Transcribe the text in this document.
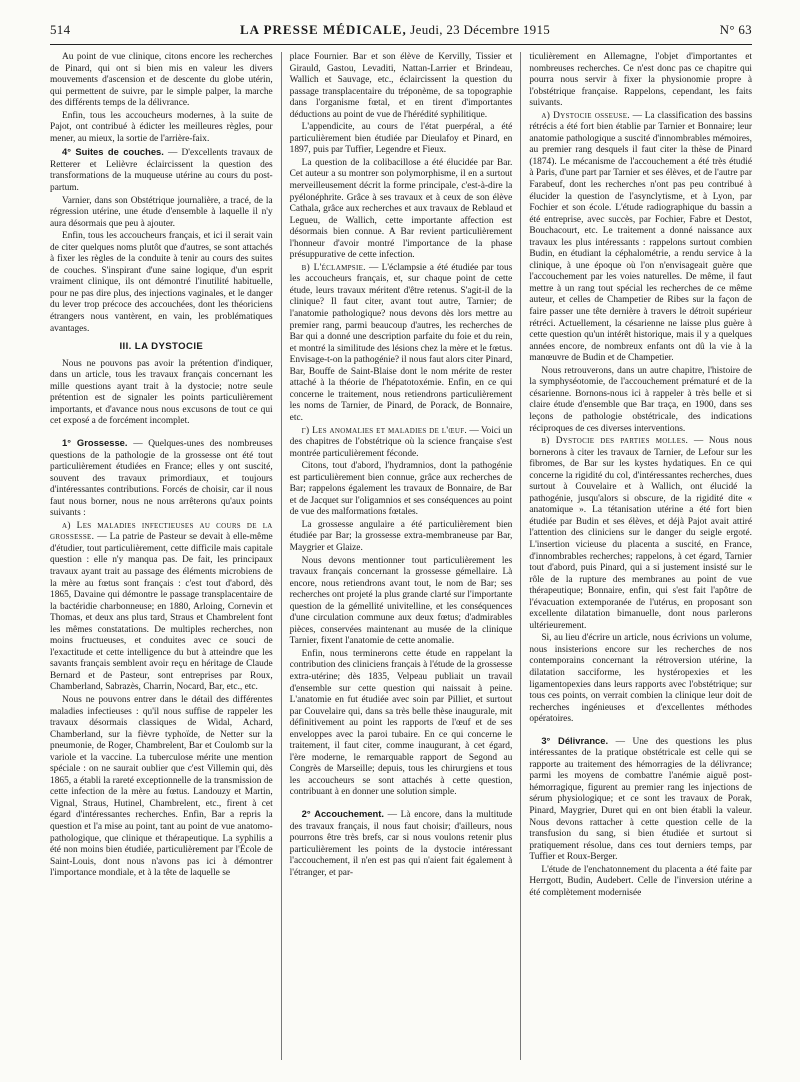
514	LA PRESSE MÉDICALE, Jeudi, 23 Décembre 1915	N° 63

Au point de vue clinique, citons encore les recherches de Pinard, qui ont si bien mis en valeur les divers mouvements d'ascension et de descente du globe utérin, qui permettent de suivre, par le simple palper, la marche des différents temps de la délivrance.

Enfin, tous les accoucheurs modernes, à la suite de Pajot, ont contribué à édicter les meilleures règles, pour mener, au mieux, la sortie de l'arrière-faix.

4° Suites de couches. — D'excellents travaux de Retterer et Lelièvre éclaircissent la question des transformations de la muqueuse utérine au cours du post-partum.

Varnier, dans son Obstétrique journalière, a tracé, de la régression utérine, une étude d'ensemble à laquelle il n'y aura désormais que peu à ajouter.

Enfin, tous les accoucheurs français, et ici il serait vain de citer quelques noms plutôt que d'autres, se sont attachés à fixer les règles de la conduite à tenir au cours des suites de couches. S'inspirant d'une saine logique, d'un esprit vraiment clinique, ils ont démontré l'inutilité habituelle, pour ne pas dire plus, des injections vaginales, et le danger du lever trop précoce des accouchées, dont les théoriciens étrangers nous vantèrent, en vain, les problématiques avantages.

III. LA DYSTOCIE

Nous ne pouvons pas avoir la prétention d'indiquer, dans un article, tous les travaux français concernant les mille questions ayant trait à la dystocie; notre seule prétention est de signaler les points particulièrement importants, et d'avance nous nous excusons de tout ce qui cet exposé a de forcément incomplet.

1° Grossesse. — Quelques-unes des nombreuses questions de la pathologie de la grossesse ont été tout particulièrement étudiées en France; elles y ont suscité, souvent des travaux primordiaux, et toujours d'intéressantes contributions. Forcés de choisir, car il nous faut nous borner, nous ne nous arrêterons qu'aux points suivants :

α) Les maladies infectieuses au cours de la grossesse. — La patrie de Pasteur se devait à elle-même d'étudier, tout particulièrement, cette difficile mais capitale question : elle n'y manqua pas. De fait, les principaux travaux ayant trait au passage des éléments microbiens de la mère au fœtus sont français : c'est tout d'abord, dès 1865, Davaine qui démontre le passage transplacentaire de la bactéridie charbonneuse; en 1880, Arloing, Cornevin et Thomas, et deux ans plus tard, Straus et Chambrelent font les mêmes constatations. De multiples recherches, non moins fructueuses, et conduites avec ce souci de l'exactitude et cette intelligence du but à atteindre que les savants français semblent avoir reçu en héritage de Claude Bernard et de Pasteur, sont entreprises par Roux, Chamberland, Sabrazès, Charrin, Nocard, Bar, etc., etc.

Nous ne pouvons entrer dans le détail des différentes maladies infectieuses : qu'il nous suffise de rappeler les travaux désormais classiques de Widal, Achard, Chamberland, sur la fièvre typhoïde, de Netter sur la pneumonie, de Roger, Chambrelent, Bar et Coulomb sur la variole et la vaccine. La tuberculose mérite une mention spéciale : on ne saurait oublier que c'est Villemin qui, dès 1865, a établi la rareté exceptionnelle de la transmission de cette infection de la mère au fœtus. Landouzy et Martin, Vignal, Straus, Hutinel, Chambrelent, etc., firent à cet égard d'intéressantes recherches. Enfin, Bar a repris la question et l'a mise au point, tant au point de vue anatomo-pathologique, que clinique et thérapeutique. La syphilis a été non moins bien étudiée, particulièrement par l'École de Saint-Louis, dont nous n'avons pas ici à démontrer l'importance mondiale, et à la tête de laquelle se

place Fournier. Bar et son élève de Kervilly, Tissier et Girauld, Gastou, Levaditi, Nattan-Larrier et Brindeau, Wallich et Sauvage, etc., éclaircissent la question du passage transplacentaire du tréponème, de sa topographie dans l'organisme fœtal, et en tirent d'importantes déductions au point de vue de l'hérédité syphilitique.

L'appendicite, au cours de l'état puerpéral, a été particulièrement bien étudiée par Dieulafoy et Pinard, en 1897, puis par Tuffier, Legendre et Fieux.

La question de la colibacillose a été élucidée par Bar. Cet auteur a su montrer son polymorphisme, il en a surtout merveilleusement décrit la forme principale, c'est-à-dire la pyélonéphrite. Grâce à ses travaux et à ceux de son élève Cathala, grâce aux recherches et aux travaux de Reblaud et Legueu, de Wallich, cette importante affection est désormais bien connue. A Bar revient particulièrement l'honneur d'avoir montré l'importance de la phase présuppurative de cette infection.

β) L'éclampsie. — L'éclampsie a été étudiée par tous les accoucheurs français, et, sur chaque point de cette étude, leurs travaux méritent d'être retenus. S'agit-il de la clinique? Il faut citer, avant tout autre, Tarnier; de l'anatomie pathologique? nous devons dès lors mettre au premier rang, parmi beaucoup d'autres, les recherches de Bar qui a donné une description parfaite du foie et du rein, et montré la similitude des lésions chez la mère et le fœtus. Envisage-t-on la pathogénie? il nous faut alors citer Pinard, Bar, Bouffe de Saint-Blaise dont le nom mérite de rester attaché à la théorie de l'hépatotoxémie. Enfin, en ce qui concerne le traitement, nous retiendrons particulièrement les noms de Tarnier, de Pinard, de Porack, de Bonnaire, etc.

γ) Les anomalies et maladies de l'œuf. — Voici un des chapitres de l'obstétrique où la science française s'est montrée particulièrement féconde.

Citons, tout d'abord, l'hydramnios, dont la pathogénie est particulièrement bien connue, grâce aux recherches de Bar; rappelons également les travaux de Bonnaire, de Bar et de Jacquet sur l'oligamnios et ses conséquences au point de vue des malformations fœtales.

La grossesse angulaire a été particulièrement bien étudiée par Bar; la grossesse extra-membraneuse par Bar, Maygrier et Glaize.

Nous devons mentionner tout particulièrement les travaux français concernant la grossesse gémellaire. Là encore, nous retiendrons avant tout, le nom de Bar; ses recherches ont projeté la plus grande clarté sur l'importante question de la gémellité univitelline, et les conséquences d'une circulation commune aux deux fœtus; d'admirables pièces, conservées maintenant au musée de la clinique Tarnier, fixent l'anatomie de cette anomalie.

Enfin, nous terminerons cette étude en rappelant la contribution des cliniciens français à l'étude de la grossesse extra-utérine; dès 1835, Velpeau publiait un travail d'ensemble sur cette question qui naissait à peine. L'anatomie en fut étudiée avec soin par Pilliet, et surtout par Couvelaire qui, dans sa très belle thèse inaugurale, mit définitivement au point les rapports de l'œuf et de ses enveloppes avec la paroi tubaire. En ce qui concerne le traitement, il faut citer, comme inaugurant, à cet égard, l'ère moderne, le remarquable rapport de Segond au Congrès de Marseille; depuis, tous les chirurgiens et tous les accoucheurs se sont attachés à cette question, contribuant à en donner une solution simple.

2° Accouchement. — Là encore, dans la multitude des travaux français, il nous faut choisir; d'ailleurs, nous pourrons être très brefs, car si nous voulons retenir plus particulièrement les points de la dystocie intéressant l'accouchement, il n'en est pas qui n'aient fait également à l'étranger, et par-

ticulièrement en Allemagne, l'objet d'importantes et nombreuses recherches. Ce n'est donc pas ce chapitre qui pourra nous servir à fixer la physionomie propre à l'obstétrique française. Rappelons, cependant, les faits suivants.

α) Dystocie osseuse. — La classification des bassins rétrécis a été fort bien établie par Tarnier et Bonnaire; leur anatomie pathologique a suscité d'innombrables mémoires, au premier rang desquels il faut citer la thèse de Pinard (1874). Le mécanisme de l'accouchement a été très étudié à Paris, d'une part par Tarnier et ses élèves, et de l'autre par Farabeuf, dont les recherches n'ont pas peu contribué à élucider la question de l'asynclytisme, et à Lyon, par Fochier et son école. L'étude radiographique du bassin a été entreprise, avec succès, par Fochier, Fabre et Destot, Bouchacourt, etc. Le traitement a donné naissance aux travaux les plus intéressants : rappelons surtout combien Budin, en étudiant la céphalométrie, a rendu service à la clinique, à une époque où l'on n'envisageait guère que l'accouchement par les voies naturelles. De même, il faut mettre à un rang tout spécial les recherches de ce même auteur, et celles de Champetier de Ribes sur la façon de faire passer une tête dernière à travers le détroit supérieur rétréci. Actuellement, la césarienne ne laisse plus guère à cette question qu'un intérêt historique, mais il y a quelques années encore, de nombreux enfants ont dû la vie à la manœuvre de Budin et de Champetier.

Nous retrouverons, dans un autre chapitre, l'histoire de la symphyséotomie, de l'accouchement prématuré et de la césarienne. Bornons-nous ici à rappeler à très belle et si claire étude d'ensemble que Bar traça, en 1900, dans ses leçons de pathologie obstétricale, des indications réciproques de ces diverses interventions.

β) Dystocie des parties molles. — Nous nous bornerons à citer les travaux de Tarnier, de Lefour sur les fibromes, de Bar sur les kystes hydatiques. En ce qui concerne la rigidité du col, d'intéressantes recherches, dues surtout à Couvelaire et à Wallich, ont élucidé la pathogénie, jusqu'alors si obscure, de la rigidité dite « anatomique ». La tétanisation utérine a été fort bien étudiée par Budin et ses élèves, et déjà Pajot avait attiré l'attention des cliniciens sur le danger du seigle ergoté. L'insertion vicieuse du placenta a suscité, en France, d'innombrables recherches; rappelons, à cet égard, Tarnier tout d'abord, puis Pinard, qui a si justement insisté sur le rôle de la rupture des membranes au point de vue thérapeutique; Bonnaire, enfin, qui s'est fait l'apôtre de l'évacuation extemporanée de l'utérus, en proposant son excellente dilatation bimanuelle, dont nous parlerons ultérieurement.

Si, au lieu d'écrire un article, nous écrivions un volume, nous insisterions encore sur les recherches de nos contemporains concernant la rétroversion utérine, la dilatation sacciforme, les hystéropexies et les ligamentopexies dans leurs rapports avec l'obstétrique; sur tous ces points, on verrait combien la clinique leur doit de recherches ingénieuses et d'excellentes méthodes opératoires.

3° Délivrance. — Une des questions les plus intéressantes de la pratique obstétricale est celle qui se rapporte au traitement des hémorragies de la délivrance; parmi les moyens de combattre l'anémie aiguë post-hémorragique, figurent au premier rang les injections de sérum physiologique; et ce sont les travaux de Porak, Pinard, Maygrier, Duret qui en ont bien établi la valeur. Nous devons rattacher à cette question celle de la transfusion du sang, si bien étudiée et surtout si pratiquement résolue, dans ces tout derniers temps, par Tuffier et Roux-Berger.

L'étude de l'enchatonnement du placenta a été faite par Herrgott, Budin, Audebert. Celle de l'inversion utérine a été complètement modernisée
